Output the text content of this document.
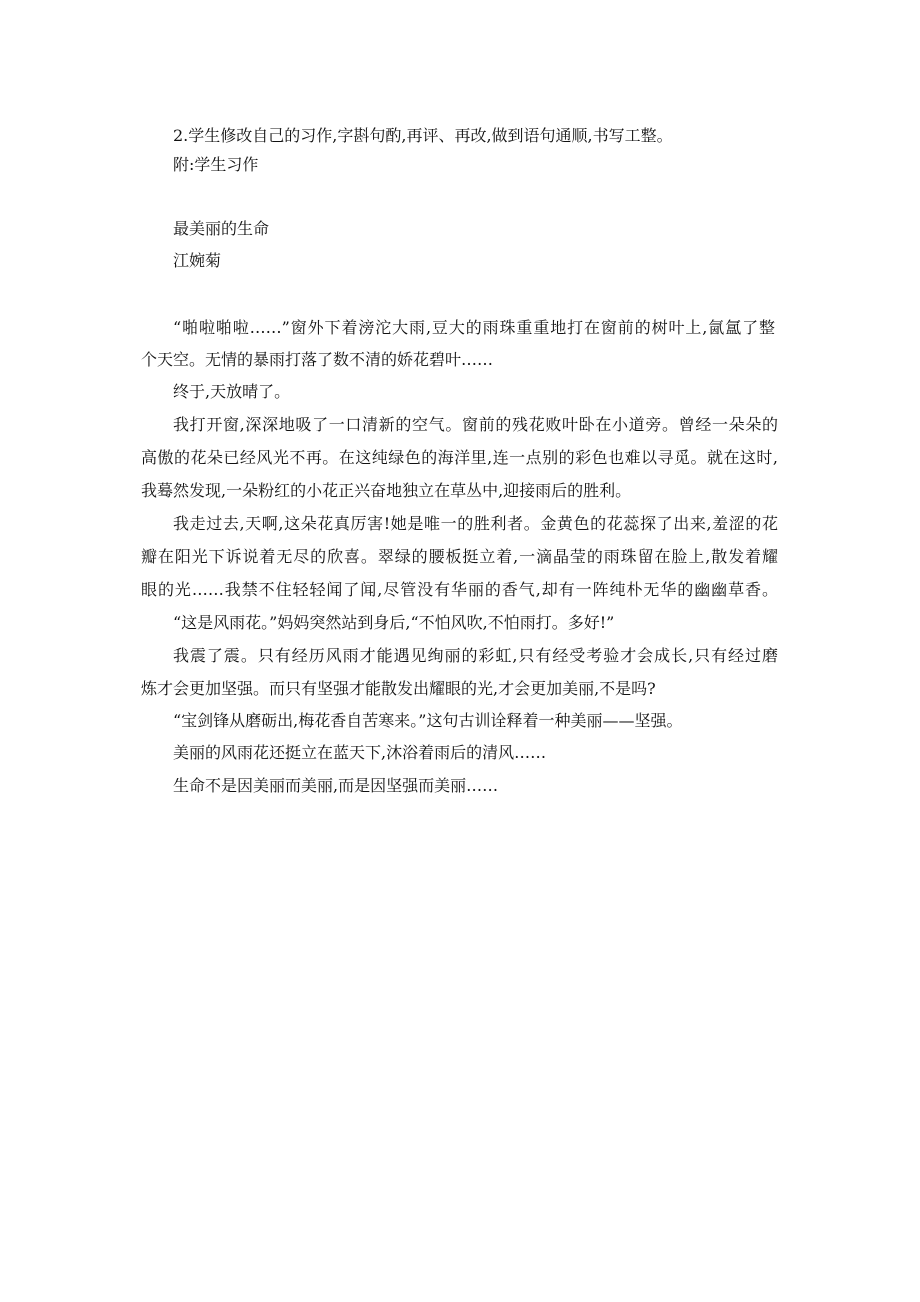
2.学生修改自己的习作,字斟句酌,再评、再改,做到语句通顺,书写工整。
附:学生习作
最美丽的生命
江婉菊
“啪啦啪啦……”窗外下着滂沱大雨,豆大的雨珠重重地打在窗前的树叶上,氤氲了整
个天空。无情的暴雨打落了数不清的娇花碧叶……
终于,天放晴了。
我打开窗,深深地吸了一口清新的空气。窗前的残花败叶卧在小道旁。曾经一朵朵的
高傲的花朵已经风光不再。在这纯绿色的海洋里,连一点别的彩色也难以寻觅。就在这时,
我蓦然发现,一朵粉红的小花正兴奋地独立在草丛中,迎接雨后的胜利。
我走过去,天啊,这朵花真厉害!她是唯一的胜利者。金黄色的花蕊探了出来,羞涩的花
瓣在阳光下诉说着无尽的欣喜。翠绿的腰板挺立着,一滴晶莹的雨珠留在脸上,散发着耀
眼的光……我禁不住轻轻闻了闻,尽管没有华丽的香气,却有一阵纯朴无华的幽幽草香。
“这是风雨花。”妈妈突然站到身后,“不怕风吹,不怕雨打。多好!”
我震了震。只有经历风雨才能遇见绚丽的彩虹,只有经受考验才会成长,只有经过磨
炼才会更加坚强。而只有坚强才能散发出耀眼的光,才会更加美丽,不是吗?
“宝剑锋从磨砺出,梅花香自苦寒来。”这句古训诠释着一种美丽——坚强。
美丽的风雨花还挺立在蓝天下,沐浴着雨后的清风……
生命不是因美丽而美丽,而是因坚强而美丽……
